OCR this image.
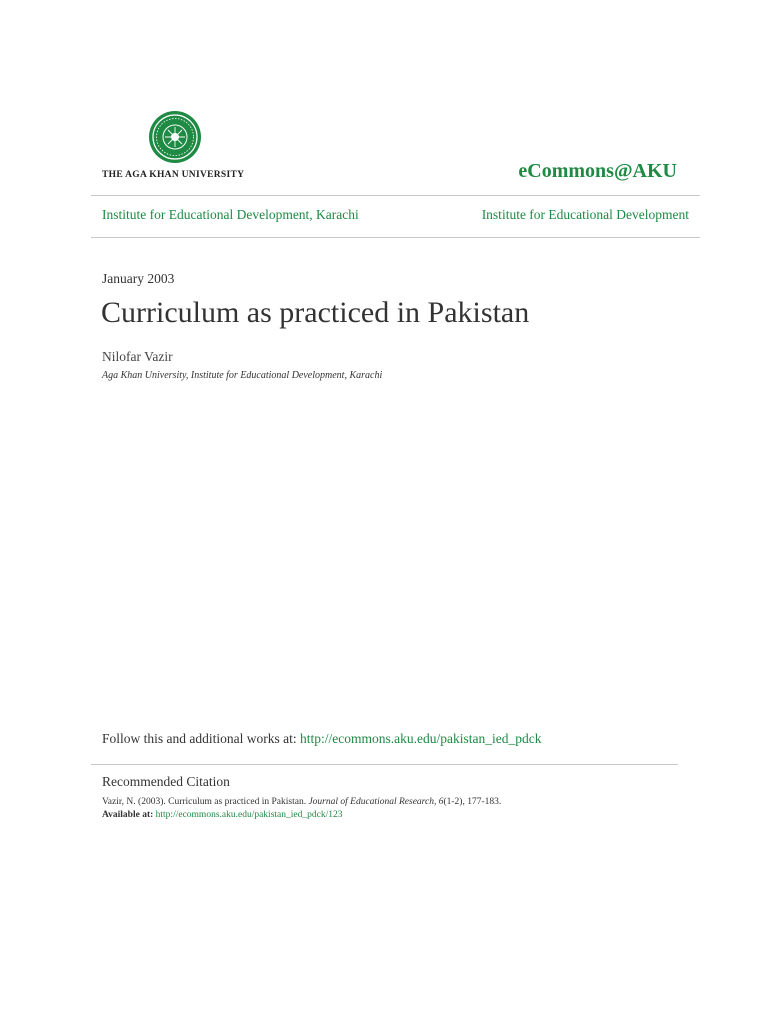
THE AGA KHAN UNIVERSITY	eCommons@AKU
Institute for Educational Development, Karachi	Institute for Educational Development
January 2003
Curriculum as practiced in Pakistan
Nilofar Vazir
Aga Khan University, Institute for Educational Development, Karachi
Follow this and additional works at: http://ecommons.aku.edu/pakistan_ied_pdck
Recommended Citation
Vazir, N. (2003). Curriculum as practiced in Pakistan. Journal of Educational Research, 6(1-2), 177-183.
Available at: http://ecommons.aku.edu/pakistan_ied_pdck/123
